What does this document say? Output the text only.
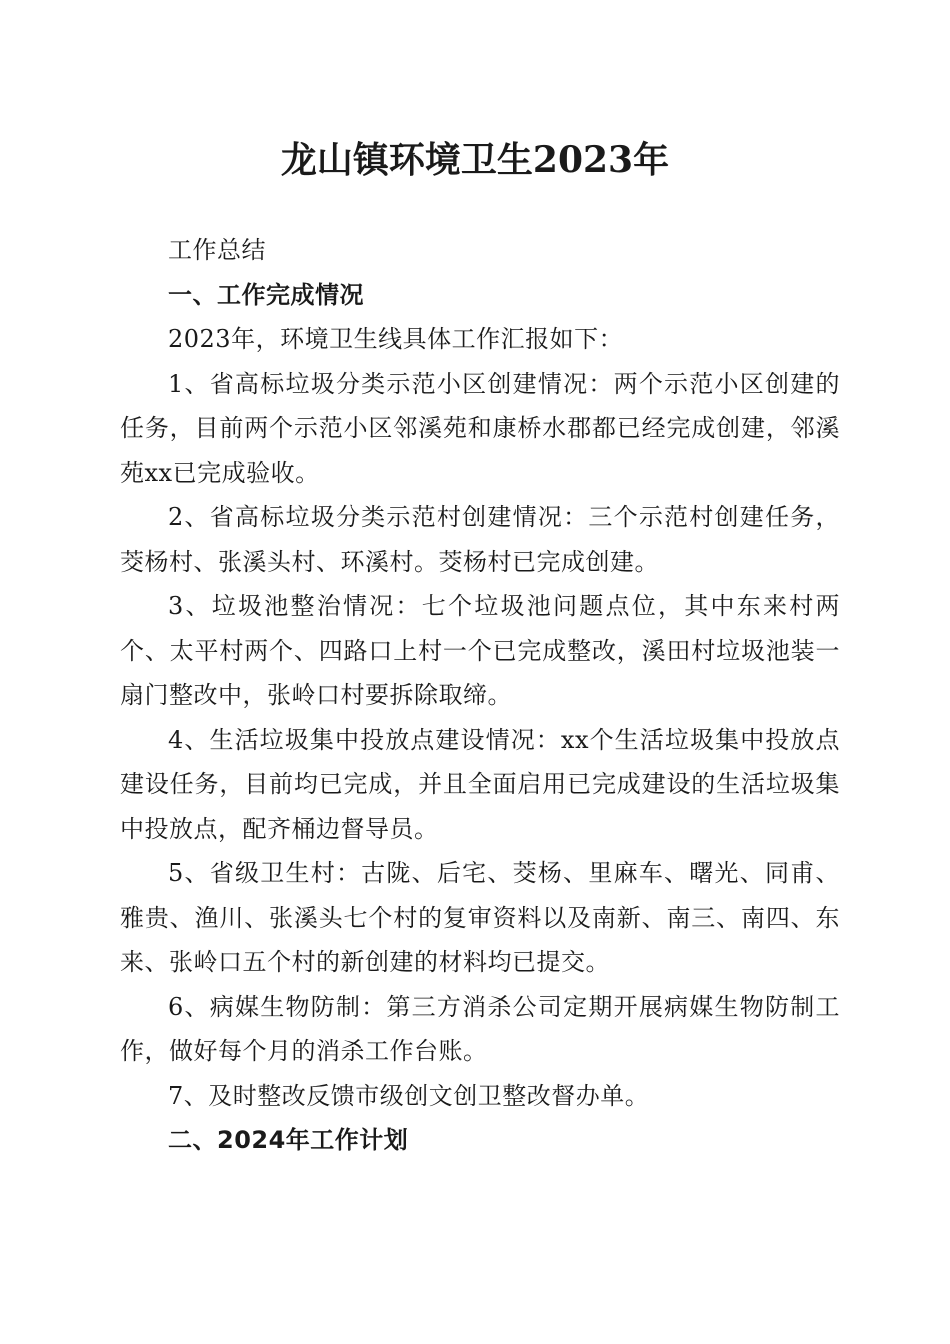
龙山镇环境卫生2023年

工作总结

一、工作完成情况

2023年，环境卫生线具体工作汇报如下：

1、省高标垃圾分类示范小区创建情况：两个示范小区创建的任务，目前两个示范小区邻溪苑和康桥水郡都已经完成创建，邻溪苑xx已完成验收。

2、省高标垃圾分类示范村创建情况：三个示范村创建任务，茭杨村、张溪头村、环溪村。茭杨村已完成创建。

3、垃圾池整治情况：七个垃圾池问题点位，其中东来村两个、太平村两个、四路口上村一个已完成整改，溪田村垃圾池装一扇门整改中，张岭口村要拆除取缔。

4、生活垃圾集中投放点建设情况：xx个生活垃圾集中投放点建设任务，目前均已完成，并且全面启用已完成建设的生活垃圾集中投放点，配齐桶边督导员。

5、省级卫生村：古陇、后宅、茭杨、里麻车、曙光、同甫、雅贵、渔川、张溪头七个村的复审资料以及南新、南三、南四、东来、张岭口五个村的新创建的材料均已提交。

6、病媒生物防制：第三方消杀公司定期开展病媒生物防制工作，做好每个月的消杀工作台账。

7、及时整改反馈市级创文创卫整改督办单。

二、2024年工作计划
